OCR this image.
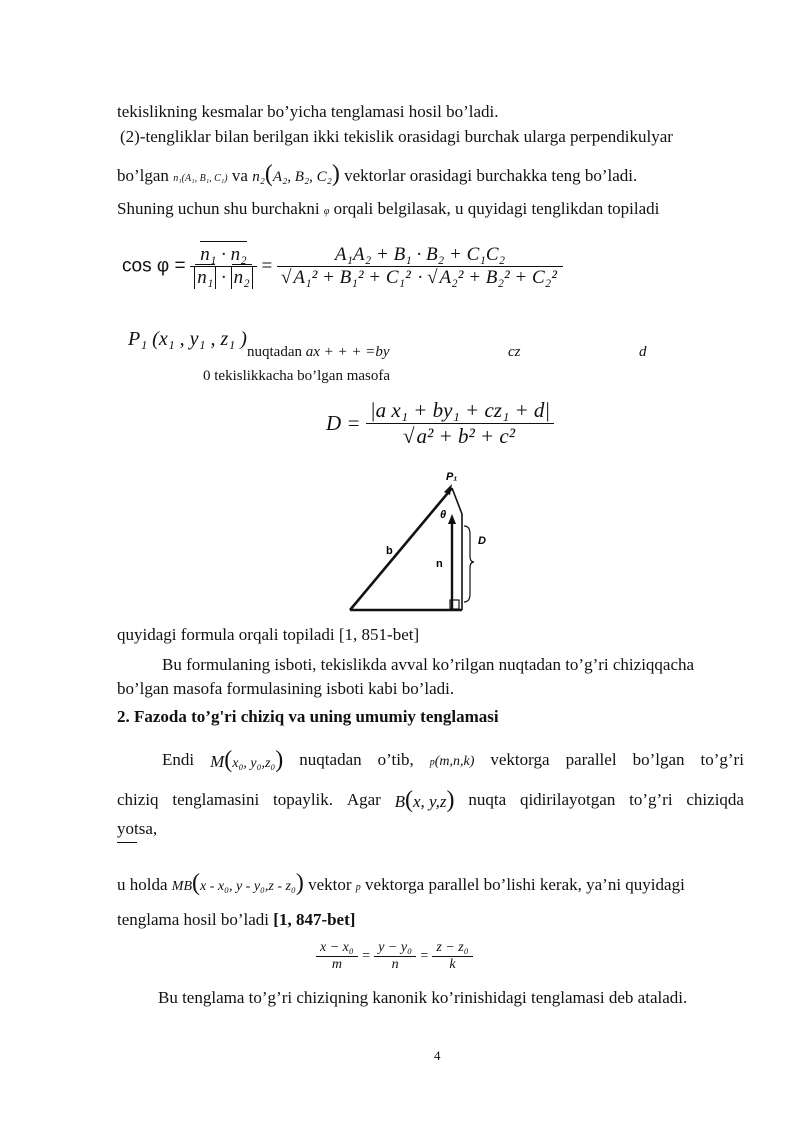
tekislikning kesmalar bo’yicha tenglamasi hosil bo’ladi.
(2)-tengliklar bilan berilgan ikki tekislik orasidagi burchak ularga perpendikulyar
bo’lgan n₁(A₁, B₁, C₁) va n₂(A₂, B₂, C₂) vektorlar orasidagi burchakka teng bo’ladi.
Shuning uchun shu burchakni φ orqali belgilasak, u quyidagi tenglikdan topiladi
$\cos \varphi = \frac{\text{n₁ · n₂}}{\text{n₁ · n₂}} = \frac{\text{A₁A₂ + B₁ · B₂ + C₁C₂}}{\text{√ A₁² + B₁² + C₁² · √ A₂² + B₂² + C₂²}}$
P₁ (x₁ , y₁ , z₁ )
nuqtadan ax + + + =by	cz	d
0 tekislikkacha bo’lgan masofa
$D = \frac{\text{|a x₁ + by₁ + cz₁ + d|}}{\text{√a² + b² + c²}}$
P₁
θ
b
n
D
quyidagi formula orqali topiladi [1, 851-bet]
Bu formulaning isboti, tekislikda avval ko’rilgan nuqtadan to’g’ri chiziqqacha
bo’lgan masofa formulasining isboti kabi bo’ladi.
2. Fazoda to’g'ri chiziq va uning umumiy tenglamasi
Endi M(x₀, y₀,z₀) nuqtadan o’tib, p(m,n,k) vektorga parallel bo’lgan to’g’ri
chiziq tenglamasini topaylik. Agar B(x, y,z) nuqta qidirilayotgan to’g’ri chiziqda
yotsa,
u holda MB(x - x₀, y - y₀,z - z₀) vektor p vektorga parallel bo’lishi kerak, ya’ni quyidagi
tenglama hosil bo’ladi [1, 847-bet]
$\frac{\text{x − x₀}}{m} = \frac{\text{y − y₀}}{n} = \frac{\text{z − z₀}}{k}$
Bu tenglama to’g’ri chiziqning kanonik ko’rinishidagi tenglamasi deb ataladi.
4
